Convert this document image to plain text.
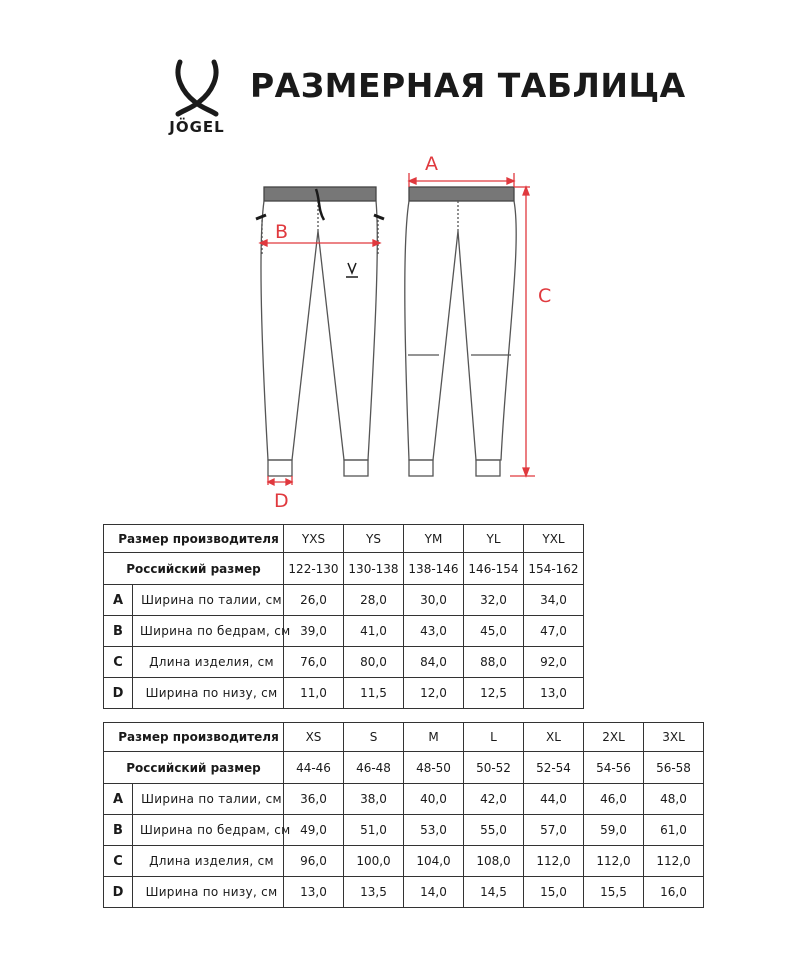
JÖGEL
РАЗМЕРНАЯ ТАБЛИЦА
A
B
C
D
Размер производителя		YXS	YS	YM	YL	YXL
Российский размер		122-130	130-138	138-146	146-154	154-162
A	Ширина по талии, см	26,0	28,0	30,0	32,0	34,0
B	Ширина по бедрам, см	39,0	41,0	43,0	45,0	47,0
C	Длина изделия, см	76,0	80,0	84,0	88,0	92,0
D	Ширина по низу, см	11,0	11,5	12,0	12,5	13,0
Размер производителя		XS	S	M	L	XL	2XL	3XL
Российский размер		44-46	46-48	48-50	50-52	52-54	54-56	56-58
A	Ширина по талии, см	36,0	38,0	40,0	42,0	44,0	46,0	48,0
B	Ширина по бедрам, см	49,0	51,0	53,0	55,0	57,0	59,0	61,0
C	Длина изделия, см	96,0	100,0	104,0	108,0	112,0	112,0	112,0
D	Ширина по низу, см	13,0	13,5	14,0	14,5	15,0	15,5	16,0
